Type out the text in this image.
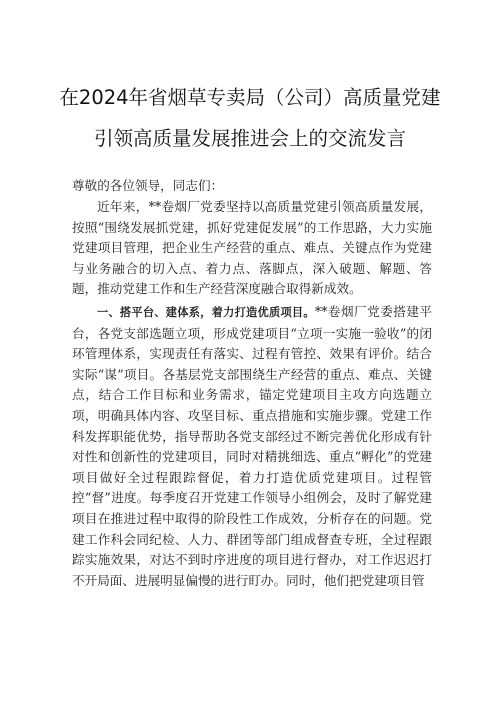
在2024年省烟草专卖局（公司）高质量党建
引领高质量发展推进会上的交流发言
尊敬的各位领导，同志们：

近年来，**卷烟厂党委坚持以高质量党建引领高质量发展，按照“围绕发展抓党建，抓好党建促发展”的工作思路，大力实施党建项目管理，把企业生产经营的重点、难点、关键点作为党建与业务融合的切入点、着力点、落脚点，深入破题、解题、答题，推动党建工作和生产经营深度融合取得新成效。

一、搭平台、建体系，着力打造优质项目。**卷烟厂党委搭建平台，各党支部选题立项，形成党建项目“立项一实施一验收”的闭环管理体系，实现责任有落实、过程有管控、效果有评价。结合实际“谋”项目。各基层党支部围绕生产经营的重点、难点、关键点，结合工作目标和业务需求，锚定党建项目主攻方向选题立项，明确具体内容、攻坚目标、重点措施和实施步骤。党建工作科发挥职能优势，指导帮助各党支部经过不断完善优化形成有针对性和创新性的党建项目，同时对精挑细选、重点“孵化”的党建项目做好全过程跟踪督促，着力打造优质党建项目。过程管控“督”进度。每季度召开党建工作领导小组例会，及时了解党建项目在推进过程中取得的阶段性工作成效，分析存在的问题。党建工作科会同纪检、人力、群团等部门组成督查专班，全过程跟踪实施效果，对达不到时序进度的项目进行督办，对工作迟迟打不开局面、进展明显偏慢的进行盯办。同时，他们把党建项目管
